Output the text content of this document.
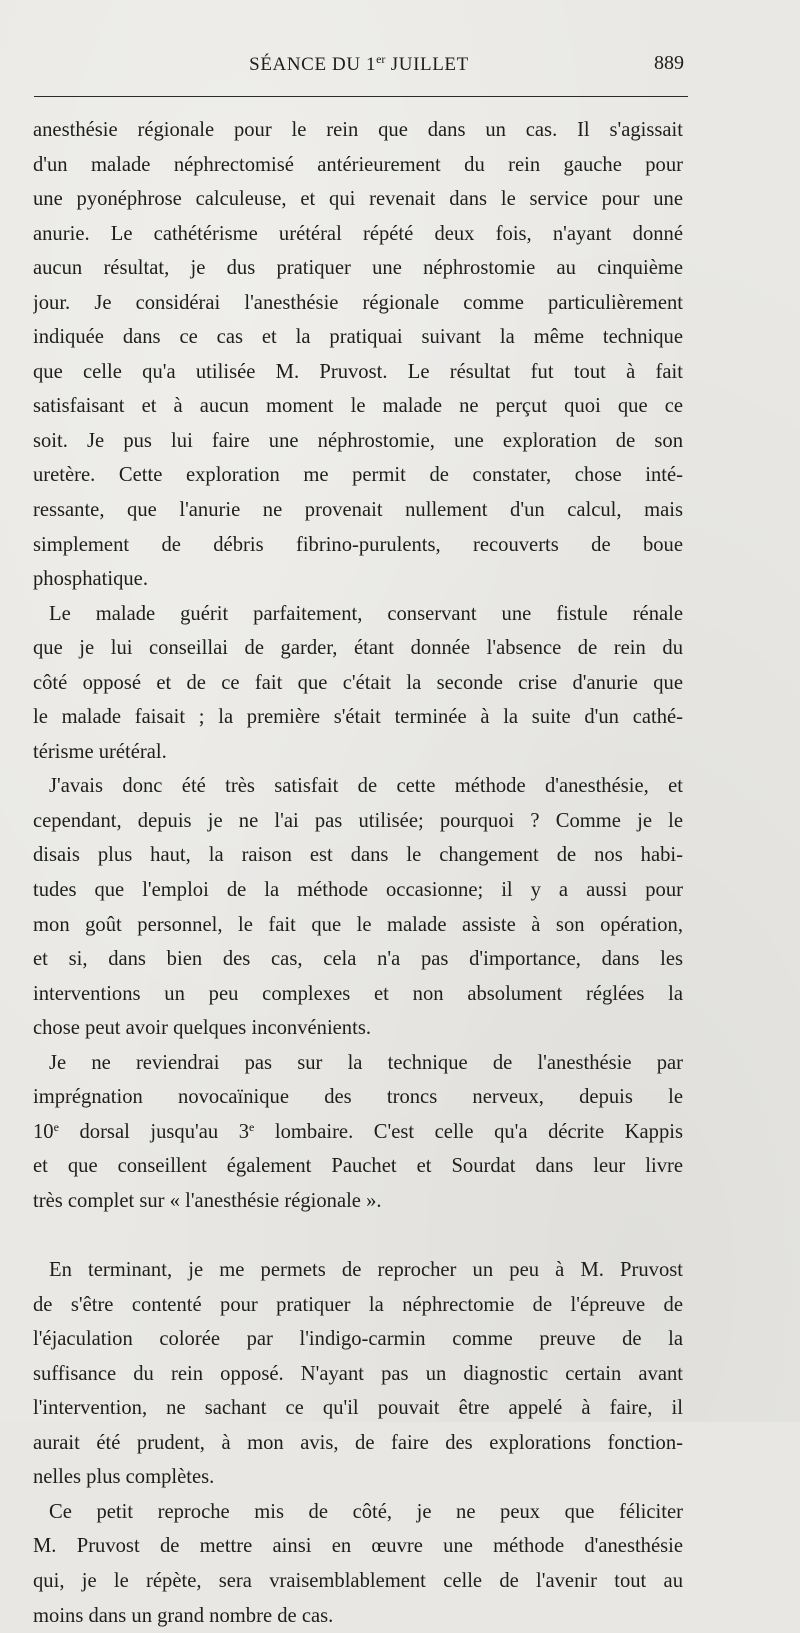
SÉANCE DU 1er JUILLET	889
anesthésie régionale pour le rein que dans un cas. Il s'agissait
d'un malade néphrectomisé antérieurement du rein gauche pour
une pyonéphrose calculeuse, et qui revenait dans le service pour une
anurie. Le cathétérisme urétéral répété deux fois, n'ayant donné
aucun résultat, je dus pratiquer une néphrostomie au cinquième
jour. Je considérai l'anesthésie régionale comme particulièrement
indiquée dans ce cas et la pratiquai suivant la même technique
que celle qu'a utilisée M. Pruvost. Le résultat fut tout à fait
satisfaisant et à aucun moment le malade ne perçut quoi que ce
soit. Je pus lui faire une néphrostomie, une exploration de son
uretère. Cette exploration me permit de constater, chose inté-
ressante, que l'anurie ne provenait nullement d'un calcul, mais
simplement de débris fibrino-purulents, recouverts de boue
phosphatique.
Le malade guérit parfaitement, conservant une fistule rénale
que je lui conseillai de garder, étant donnée l'absence de rein du
côté opposé et de ce fait que c'était la seconde crise d'anurie que
le malade faisait ; la première s'était terminée à la suite d'un cathé-
térisme urétéral.
J'avais donc été très satisfait de cette méthode d'anesthésie, et
cependant, depuis je ne l'ai pas utilisée; pourquoi ? Comme je le
disais plus haut, la raison est dans le changement de nos habi-
tudes que l'emploi de la méthode occasionne; il y a aussi pour
mon goût personnel, le fait que le malade assiste à son opération,
et si, dans bien des cas, cela n'a pas d'importance, dans les
interventions un peu complexes et non absolument réglées la
chose peut avoir quelques inconvénients.
Je ne reviendrai pas sur la technique de l'anesthésie par
imprégnation novocaïnique des troncs nerveux, depuis le
10e dorsal jusqu'au 3e lombaire. C'est celle qu'a décrite Kappis
et que conseillent également Pauchet et Sourdat dans leur livre
très complet sur « l'anesthésie régionale ».
En terminant, je me permets de reprocher un peu à M. Pruvost
de s'être contenté pour pratiquer la néphrectomie de l'épreuve de
l'éjaculation colorée par l'indigo-carmin comme preuve de la
suffisance du rein opposé. N'ayant pas un diagnostic certain avant
l'intervention, ne sachant ce qu'il pouvait être appelé à faire, il
aurait été prudent, à mon avis, de faire des explorations fonction-
nelles plus complètes.
Ce petit reproche mis de côté, je ne peux que féliciter
M. Pruvost de mettre ainsi en œuvre une méthode d'anesthésie
qui, je le répète, sera vraisemblablement celle de l'avenir tout au
moins dans un grand nombre de cas.
